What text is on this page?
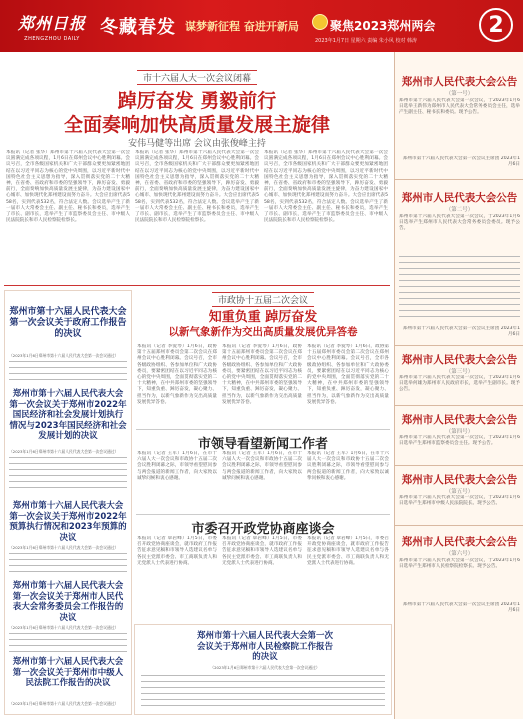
郑州日报
ZHENGZHOU DAILY
冬藏春发 谋梦新征程 奋进开新局	聚焦2023郑州两会
2023年1月7日 星期六 责编 朱小风 校对 韩涛
2
市十六届人大一次会议闭幕
踔厉奋发 勇毅前行
全面奏响加快高质量发展主旋律
安伟马健等出席 会议由张俊峰主持
本报讯（记者 张华）郑州市第十六届人民代表大会第一次会议圆满完成各项议程，1月6日在郑州会议中心胜利闭幕。会议号召，全市各级国家机关和广大干部群众要更加紧密地团结在以习近平同志为核心的党中央周围，以习近平新时代中国特色社会主义思想为指导，深入贯彻落实党的二十大精神，在省委、省政府和市委的坚强领导下，踔厉奋发、勇毅前行，全面奏响加快高质量发展主旋律，为奋力建设国家中心城市、加快现代化郑州建设而努力奋斗。大会应出席代表558名，实到代表532名，符合法定人数。会议选举产生了新一届市人大常委会主任、副主任、秘书长和委员，选举产生了市长、副市长，选举产生了市监察委员会主任、市中级人民法院院长和市人民检察院检察长。
本报讯（记者 张华）郑州市第十六届人民代表大会第一次会议圆满完成各项议程，1月6日在郑州会议中心胜利闭幕。会议号召，全市各级国家机关和广大干部群众要更加紧密地团结在以习近平同志为核心的党中央周围，以习近平新时代中国特色社会主义思想为指导，深入贯彻落实党的二十大精神，在省委、省政府和市委的坚强领导下，踔厉奋发、勇毅前行，全面奏响加快高质量发展主旋律，为奋力建设国家中心城市、加快现代化郑州建设而努力奋斗。大会应出席代表558名，实到代表532名，符合法定人数。会议选举产生了新一届市人大常委会主任、副主任、秘书长和委员，选举产生了市长、副市长，选举产生了市监察委员会主任、市中级人民法院院长和市人民检察院检察长。
本报讯（记者 张华）郑州市第十六届人民代表大会第一次会议圆满完成各项议程，1月6日在郑州会议中心胜利闭幕。会议号召，全市各级国家机关和广大干部群众要更加紧密地团结在以习近平同志为核心的党中央周围，以习近平新时代中国特色社会主义思想为指导，深入贯彻落实党的二十大精神，在省委、省政府和市委的坚强领导下，踔厉奋发、勇毅前行，全面奏响加快高质量发展主旋律，为奋力建设国家中心城市、加快现代化郑州建设而努力奋斗。大会应出席代表558名，实到代表532名，符合法定人数。会议选举产生了新一届市人大常委会主任、副主任、秘书长和委员，选举产生了市长、副市长，选举产生了市监察委员会主任、市中级人民法院院长和市人民检察院检察长。
郑州市第十六届人民代表大会第一次会议关于政府工作报告的决议
（2023年1月6日郑州市第十六届人民代表大会第一次会议通过）
郑州市第十六届人民代表大会第一次会议关于郑州市2022年国民经济和社会发展计划执行情况与2023年国民经济和社会发展计划的决议
（2023年1月6日郑州市第十六届人民代表大会第一次会议通过）
郑州市第十六届人民代表大会第一次会议关于郑州市2022年预算执行情况和2023年预算的决议
（2023年1月6日郑州市第十六届人民代表大会第一次会议通过）
郑州市第十六届人民代表大会第一次会议关于郑州市人民代表大会常务委员会工作报告的决议
（2023年1月6日郑州市第十六届人民代表大会第一次会议通过）
郑州市第十六届人民代表大会第一次会议关于郑州市中级人民法院工作报告的决议
（2023年1月6日郑州市第十六届人民代表大会第一次会议通过）
市政协十五届二次会议
知重负重 踔厉奋发
以新气象新作为交出高质量发展优异答卷
本报讯（记者 李爱琴）1月6日，政协第十五届郑州市委员会第二次会议在郑州会议中心胜利闭幕。会议号召，全市各级政协组织、各参加单位和广大政协委员，要紧密团结在以习近平同志为核心的党中央周围，全面贯彻落实党的二十大精神，在中共郑州市委的坚强领导下，知重负重、踔厉奋发，凝心聚力、担当作为，以新气象新作为交出高质量发展优异答卷。
本报讯（记者 李爱琴）1月6日，政协第十五届郑州市委员会第二次会议在郑州会议中心胜利闭幕。会议号召，全市各级政协组织、各参加单位和广大政协委员，要紧密团结在以习近平同志为核心的党中央周围，全面贯彻落实党的二十大精神，在中共郑州市委的坚强领导下，知重负重、踔厉奋发，凝心聚力、担当作为，以新气象新作为交出高质量发展优异答卷。
本报讯（记者 李爱琴）1月6日，政协第十五届郑州市委员会第二次会议在郑州会议中心胜利闭幕。会议号召，全市各级政协组织、各参加单位和广大政协委员，要紧密团结在以习近平同志为核心的党中央周围，全面贯彻落实党的二十大精神，在中共郑州市委的坚强领导下，知重负重、踔厉奋发，凝心聚力、担当作为，以新气象新作为交出高质量发展优异答卷。
市领导看望新闻工作者
本报讯（记者 王军）1月6日，在市十六届人大一次会议和市政协十五届二次会议胜利闭幕之际，市领导看望慰问参与两会报道的新闻工作者，向大家致以诚挚问候和衷心感谢。
本报讯（记者 王军）1月6日，在市十六届人大一次会议和市政协十五届二次会议胜利闭幕之际，市领导看望慰问参与两会报道的新闻工作者，向大家致以诚挚问候和衷心感谢。
本报讯（记者 王军）1月6日，在市十六届人大一次会议和市政协十五届二次会议胜利闭幕之际，市领导看望慰问参与两会报道的新闻工作者，向大家致以诚挚问候和衷心感谢。
市委召开政党协商座谈会
本报讯（记者 覃岩峰）1月5日，市委召开政党协商座谈会，就市政府工作报告征求意见稿和市领导人选建议名单与各民主党派市委会、市工商联负责人和无党派人士代表进行协商。
本报讯（记者 覃岩峰）1月5日，市委召开政党协商座谈会，就市政府工作报告征求意见稿和市领导人选建议名单与各民主党派市委会、市工商联负责人和无党派人士代表进行协商。
本报讯（记者 覃岩峰）1月5日，市委召开政党协商座谈会，就市政府工作报告征求意见稿和市领导人选建议名单与各民主党派市委会、市工商联负责人和无党派人士代表进行协商。
郑州市第十六届人民代表大会第一次会议关于郑州市人民检察院工作报告的决议
（2023年1月6日郑州市第十六届人民代表大会第一次会议通过）
郑州市人民代表大会公告
（第一号）
郑州市第十六届人民代表大会第一次会议，于2023年1月6日选举王新伟为郑州市人民代表大会常务委员会主任，选举产生副主任、秘书长和委员。现予公告。
郑州市第十六届人民代表大会第一次会议主席团 2023年1月6日
郑州市人民代表大会公告
（第二号）
郑州市第十六届人民代表大会第一次会议，于2023年1月6日选举产生郑州市人民代表大会常务委员会委员。现予公告。
郑州市第十六届人民代表大会第一次会议主席团 2023年1月6日
郑州市人民代表大会公告
（第三号）
郑州市第十六届人民代表大会第一次会议，于2023年1月6日选举何雄为郑州市人民政府市长，选举产生副市长。现予公告。
郑州市人民代表大会公告
（第四号）
郑州市第十六届人民代表大会第一次会议，于2023年1月6日选举产生郑州市监察委员会主任。现予公告。
郑州市人民代表大会公告
（第五号）
郑州市第十六届人民代表大会第一次会议，于2023年1月6日选举产生郑州市中级人民法院院长。现予公告。
郑州市人民代表大会公告
（第六号）
郑州市第十六届人民代表大会第一次会议，于2023年1月6日选举产生郑州市人民检察院检察长。现予公告。
郑州市第十六届人民代表大会第一次会议主席团 2023年1月6日
